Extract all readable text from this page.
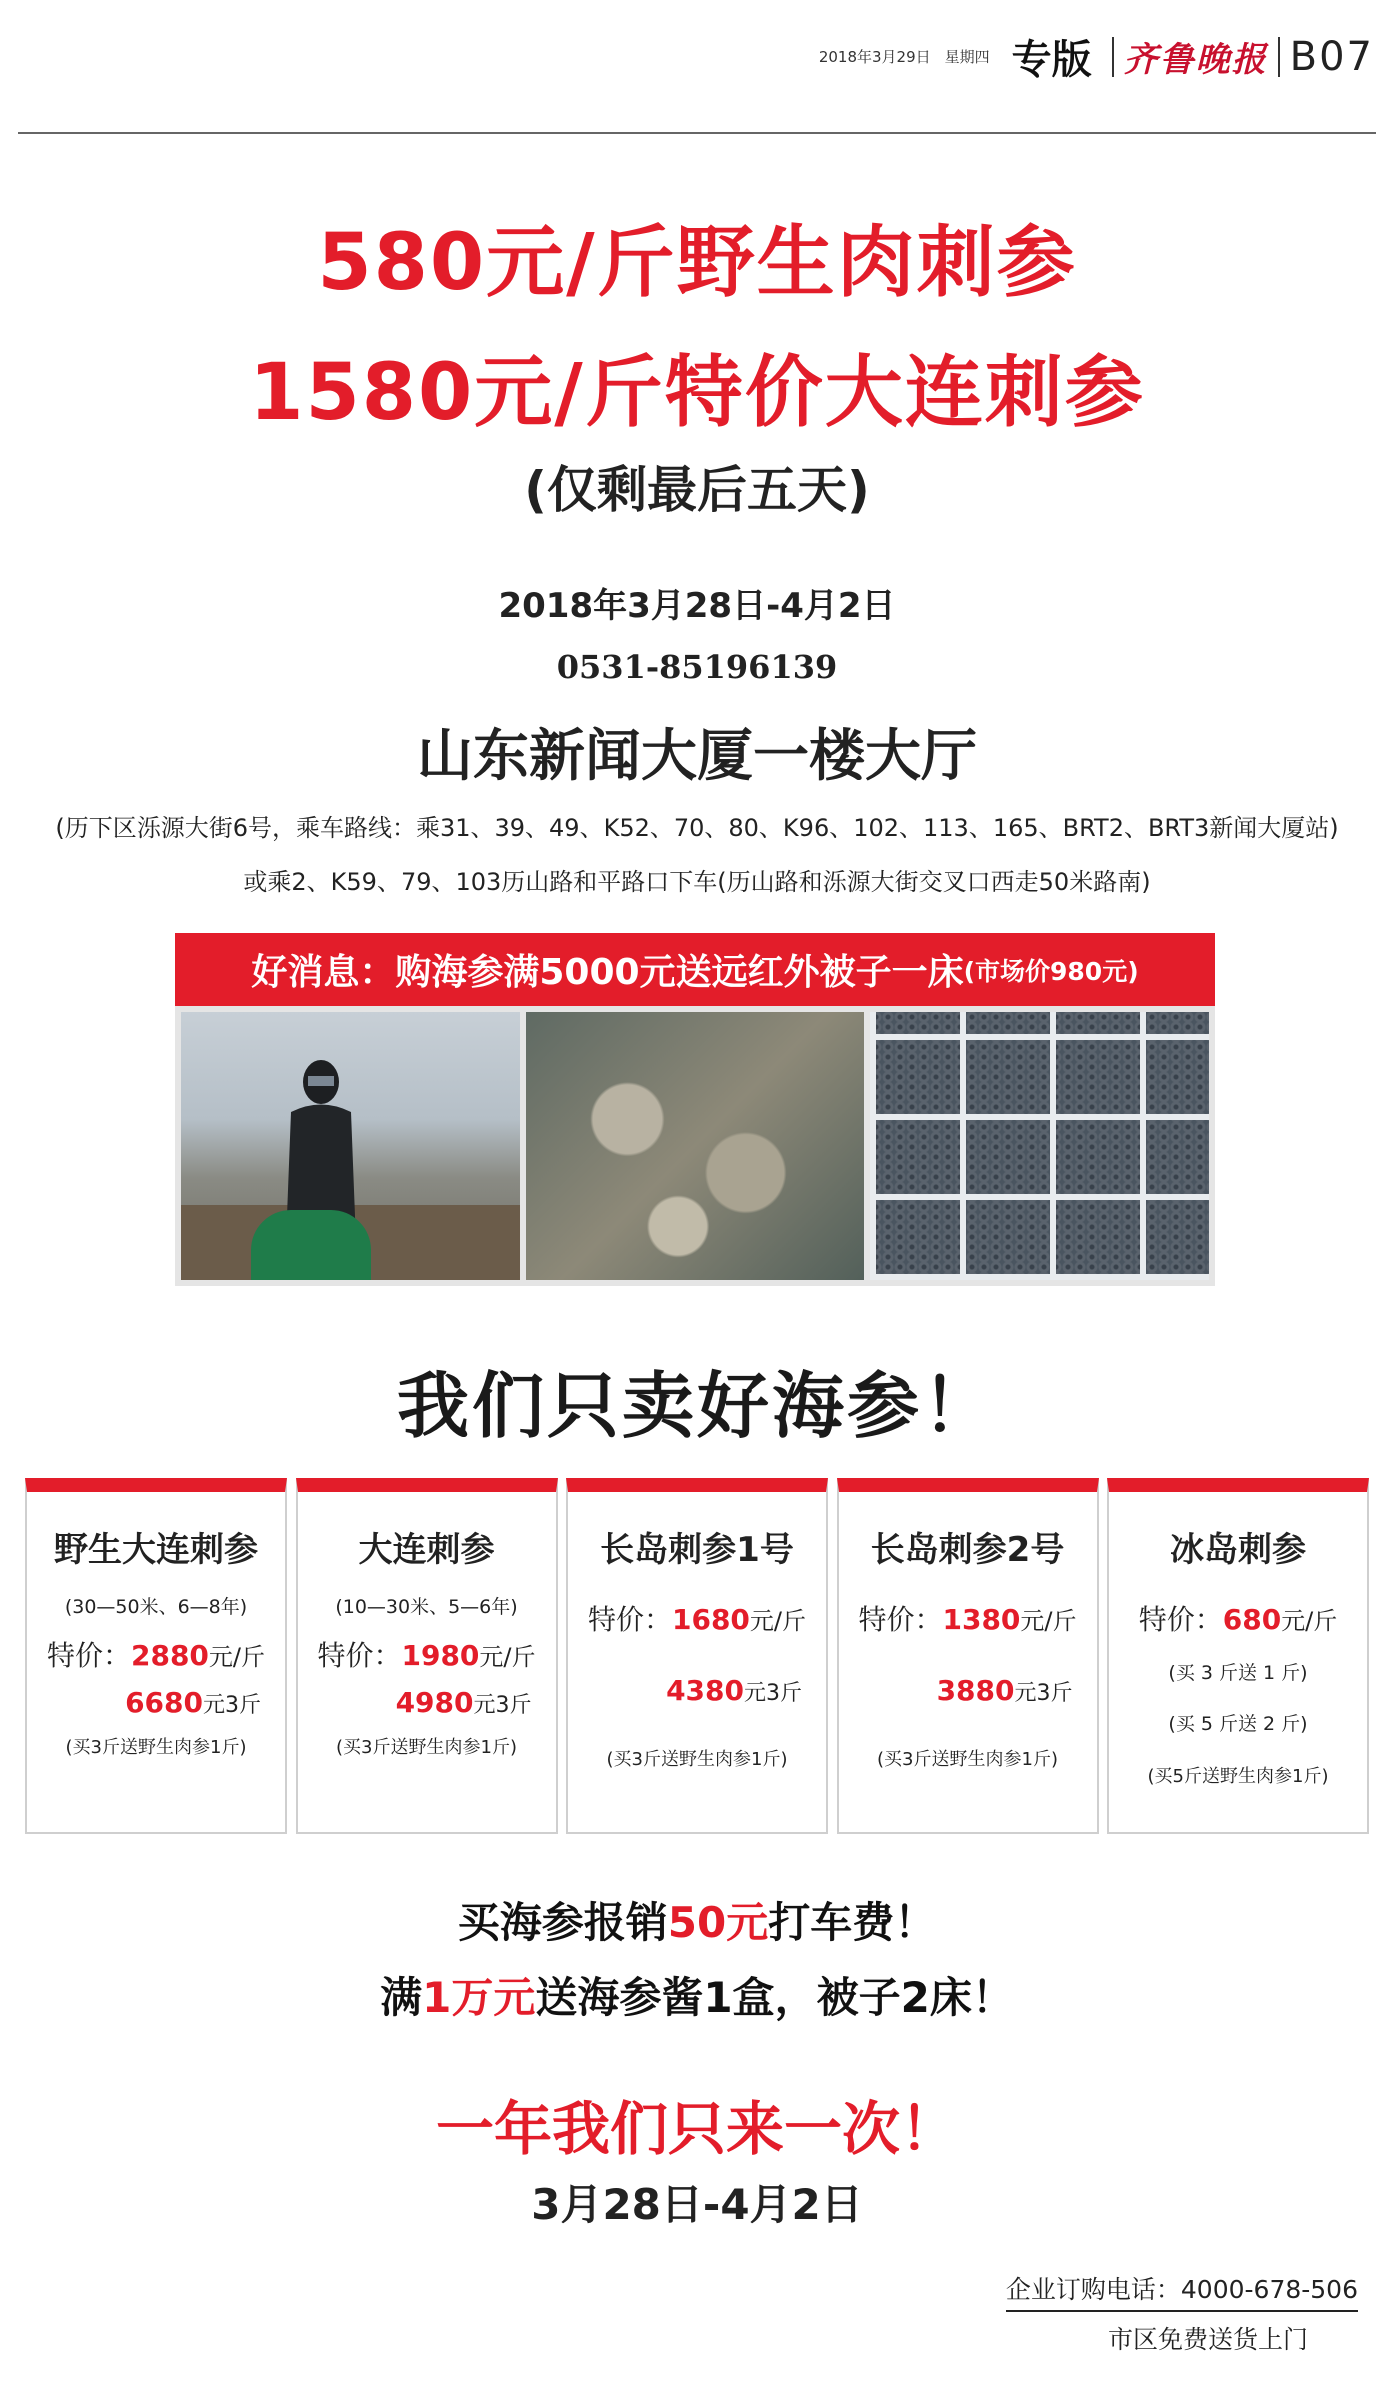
2018年3月29日 星期四 专版 齐鲁晚报 B07
580元/斤野生肉刺参
1580元/斤特价大连刺参
(仅剩最后五天)
2018年3月28日-4月2日
0531-85196139
山东新闻大厦一楼大厅
(历下区泺源大街6号，乘车路线：乘31、39、49、K52、70、80、K96、102、113、165、BRT2、BRT3新闻大厦站)
或乘2、K59、79、103历山路和平路口下车(历山路和泺源大街交叉口西走50米路南)
好消息：购海参满5000元送远红外被子一床 (市场价980元)
我们只卖好海参！
野生大连刺参
(30—50米、6—8年)
特价：2880元/斤
6680元3斤
(买3斤送野生肉参1斤)
大连刺参
(10—30米、5—6年)
特价：1980元/斤
4980元3斤
(买3斤送野生肉参1斤)
长岛刺参1号
特价：1680元/斤
4380元3斤
(买3斤送野生肉参1斤)
长岛刺参2号
特价：1380元/斤
3880元3斤
(买3斤送野生肉参1斤)
冰岛刺参
特价：680元/斤
(买 3 斤送 1 斤)
(买 5 斤送 2 斤)
(买5斤送野生肉参1斤)
买海参报销50元打车费！
满1万元送海参酱1盒，被子2床！
一年我们只来一次！
3月28日-4月2日
企业订购电话：4000-678-506
市区免费送货上门
